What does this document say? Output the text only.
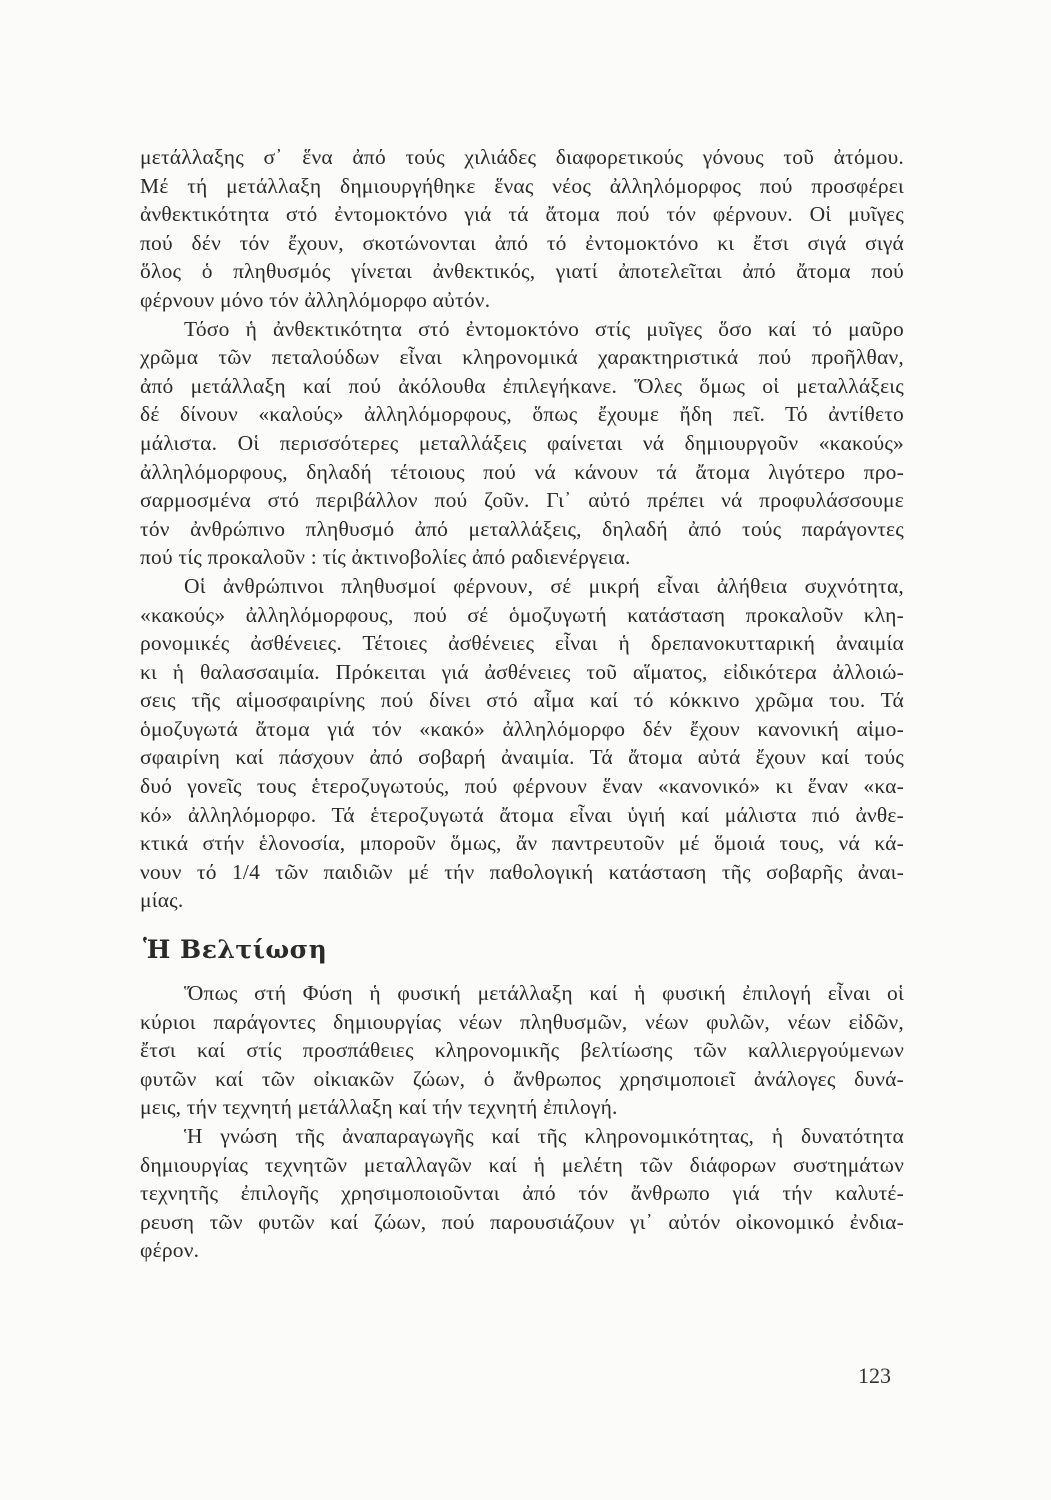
μετάλλαξης σ᾽ ἕνα ἀπό τούς χιλιάδες διαφορετικούς γόνους τοῦ ἀτόμου.
Μέ τή μετάλλαξη δημιουργήθηκε ἕνας νέος ἀλληλόμορφος πού προσφέρει
ἀνθεκτικότητα στό ἐντομοκτόνο γιά τά ἄτομα πού τόν φέρνουν. Οἱ μυῖγες
πού δέν τόν ἔχουν, σκοτώνονται ἀπό τό ἐντομοκτόνο κι ἔτσι σιγά σιγά
ὅλος ὁ πληθυσμός γίνεται ἀνθεκτικός, γιατί ἀποτελεῖται ἀπό ἄτομα πού
φέρνουν μόνο τόν ἀλληλόμορφο αὐτόν.
Τόσο ἡ ἀνθεκτικότητα στό ἐντομοκτόνο στίς μυῖγες ὅσο καί τό μαῦρο
χρῶμα τῶν πεταλούδων εἶναι κληρονομικά χαρακτηριστικά πού προῆλθαν,
ἀπό μετάλλαξη καί πού ἀκόλουθα ἐπιλεγήκανε. Ὅλες ὅμως οἱ μεταλλάξεις
δέ δίνουν «καλούς» ἀλληλόμορφους, ὅπως ἔχουμε ἤδη πεῖ. Τό ἀντίθετο
μάλιστα. Οἱ περισσότερες μεταλλάξεις φαίνεται νά δημιουργοῦν «κακούς»
ἀλληλόμορφους, δηλαδή τέτοιους πού νά κάνουν τά ἄτομα λιγότερο προ-
σαρμοσμένα στό περιβάλλον πού ζοῦν. Γι᾽ αὐτό πρέπει νά προφυλάσσουμε
τόν ἀνθρώπινο πληθυσμό ἀπό μεταλλάξεις, δηλαδή ἀπό τούς παράγοντες
πού τίς προκαλοῦν : τίς ἀκτινοβολίες ἀπό ραδιενέργεια.
Οἱ ἀνθρώπινοι πληθυσμοί φέρνουν, σέ μικρή εἶναι ἀλήθεια συχνότητα,
«κακούς» ἀλληλόμορφους, πού σέ ὁμοζυγωτή κατάσταση προκαλοῦν κλη-
ρονομικές ἀσθένειες. Τέτοιες ἀσθένειες εἶναι ἡ δρεπανοκυτταρική ἀναιμία
κι ἡ θαλασσαιμία. Πρόκειται γιά ἀσθένειες τοῦ αἵματος, εἰδικότερα ἀλλοιώ-
σεις τῆς αἱμοσφαιρίνης πού δίνει στό αἷμα καί τό κόκκινο χρῶμα του. Τά
ὁμοζυγωτά ἄτομα γιά τόν «κακό» ἀλληλόμορφο δέν ἔχουν κανονική αἱμο-
σφαιρίνη καί πάσχουν ἀπό σοβαρή ἀναιμία. Τά ἄτομα αὐτά ἔχουν καί τούς
δυό γονεῖς τους ἑτεροζυγωτούς, πού φέρνουν ἕναν «κανονικό» κι ἕναν «κα-
κό» ἀλληλόμορφο. Τά ἑτεροζυγωτά ἄτομα εἶναι ὑγιή καί μάλιστα πιό ἀνθε-
κτικά στήν ἑλονοσία, μποροῦν ὅμως, ἄν παντρευτοῦν μέ ὅμοιά τους, νά κά-
νουν τό 1/4 τῶν παιδιῶν μέ τήν παθολογική κατάσταση τῆς σοβαρῆς ἀναι-
μίας.
Ἡ Βελτίωση
Ὅπως στή Φύση ἡ φυσική μετάλλαξη καί ἡ φυσική ἐπιλογή εἶναι οἱ
κύριοι παράγοντες δημιουργίας νέων πληθυσμῶν, νέων φυλῶν, νέων εἰδῶν,
ἔτσι καί στίς προσπάθειες κληρονομικῆς βελτίωσης τῶν καλλιεργούμενων
φυτῶν καί τῶν οἰκιακῶν ζώων, ὁ ἄνθρωπος χρησιμοποιεῖ ἀνάλογες δυνά-
μεις, τήν τεχνητή μετάλλαξη καί τήν τεχνητή ἐπιλογή.
Ἡ γνώση τῆς ἀναπαραγωγῆς καί τῆς κληρονομικότητας, ἡ δυνατότητα
δημιουργίας τεχνητῶν μεταλλαγῶν καί ἡ μελέτη τῶν διάφορων συστημάτων
τεχνητῆς ἐπιλογῆς χρησιμοποιοῦνται ἀπό τόν ἄνθρωπο γιά τήν καλυτέ-
ρευση τῶν φυτῶν καί ζώων, πού παρουσιάζουν γι᾽ αὐτόν οἰκονομικό ἐνδια-
φέρον.
123
